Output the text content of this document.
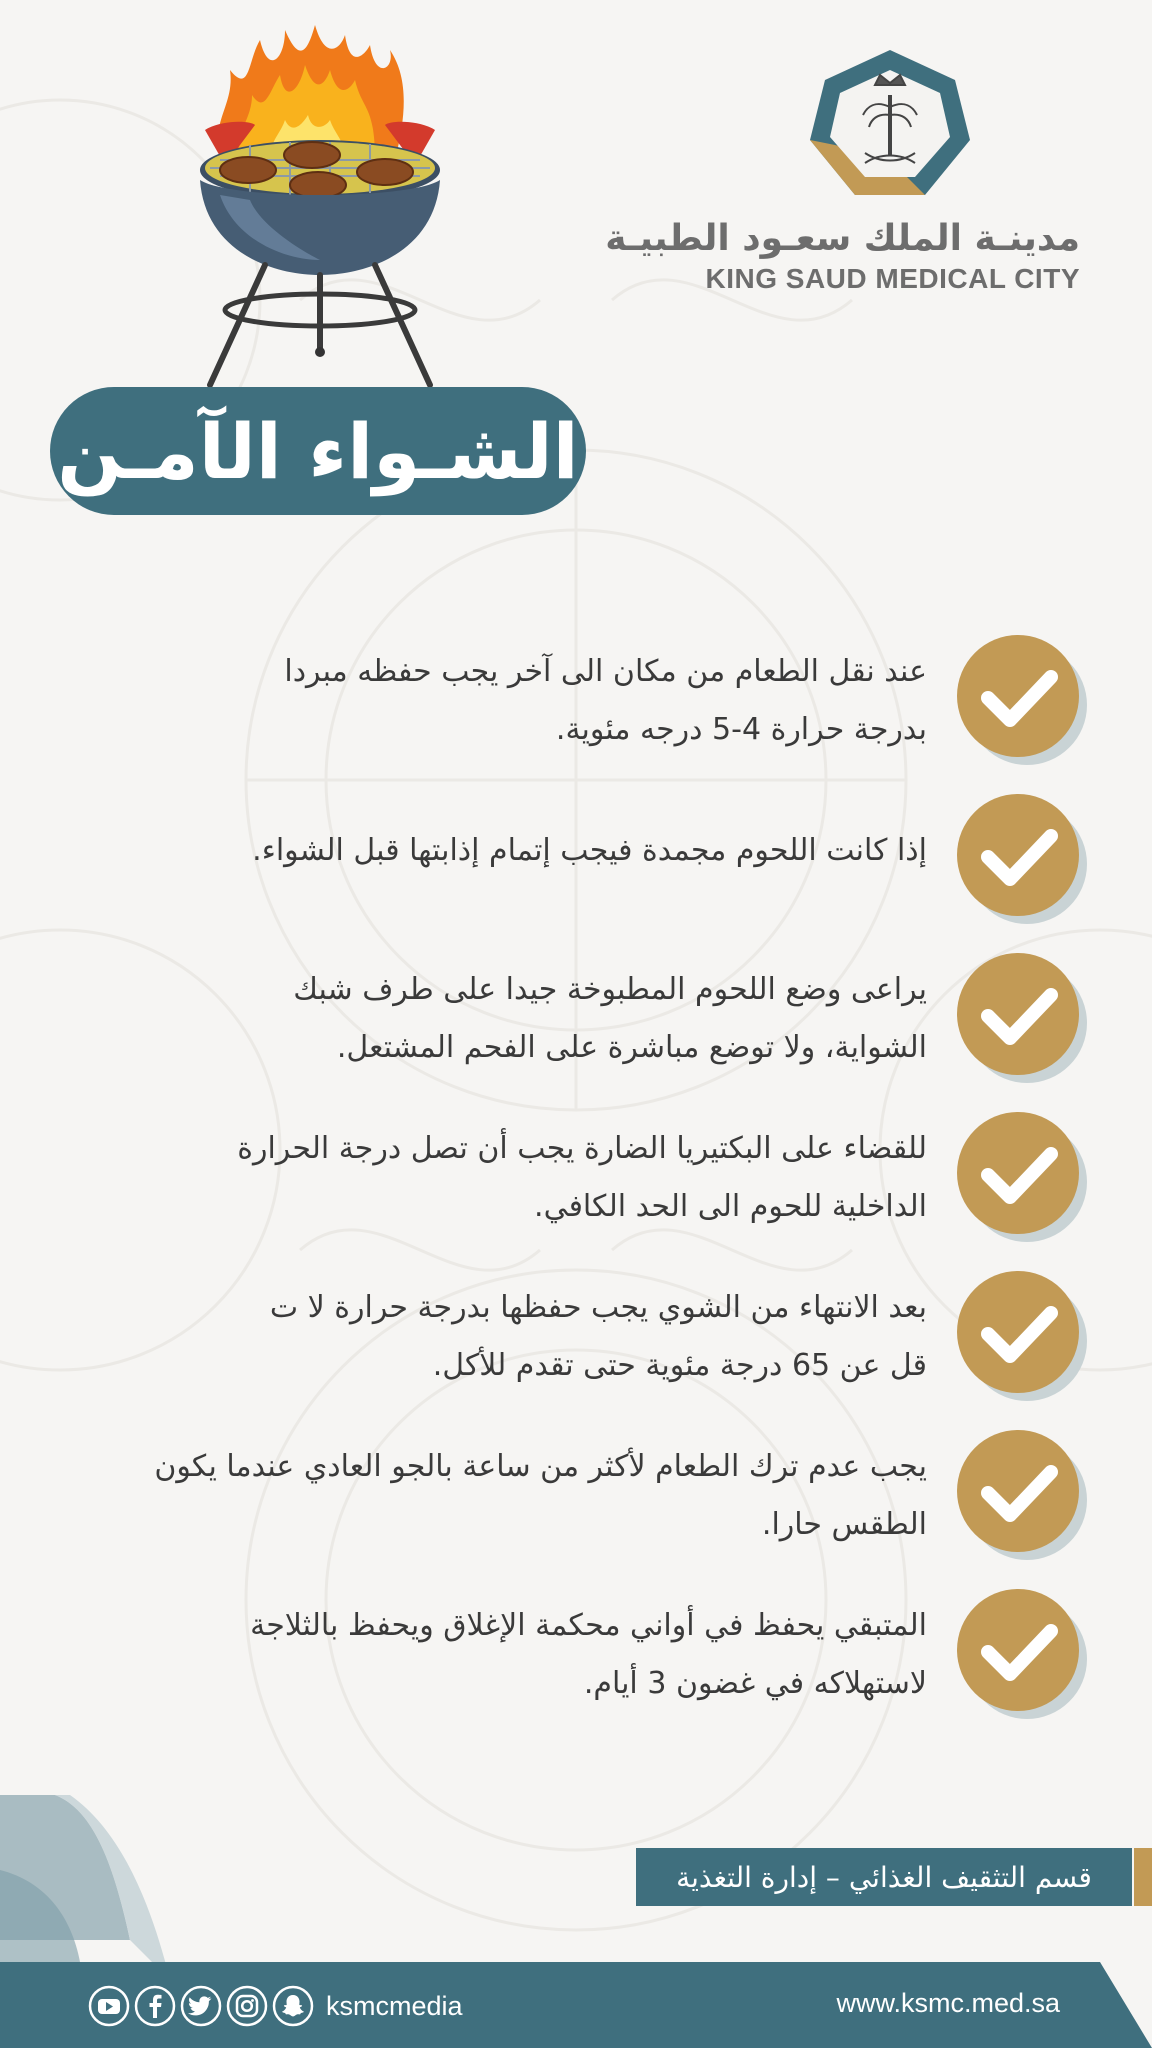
مدينـة الملك سعـود الطبيـة
KING SAUD MEDICAL CITY
الشـواء الآمـن

عند نقل الطعام من مكان الى آخر يجب حفظه مبردا

بدرجة حرارة 4-5 درجه مئوية.

إذا كانت اللحوم مجمدة فيجب إتمام إذابتها قبل الشواء.

يراعى وضع اللحوم المطبوخة جيدا على طرف شبك

الشواية، ولا توضع مباشرة على الفحم المشتعل.

للقضاء على البكتيريا الضارة يجب أن تصل درجة الحرارة

الداخلية للحوم الى الحد الكافي.

بعد الانتهاء من الشوي يجب حفظها بدرجة حرارة لا ت

قل عن 65 درجة مئوية حتى تقدم للأكل.

يجب عدم ترك الطعام لأكثر من ساعة بالجو العادي عندما يكون

الطقس حارا.

المتبقي يحفظ في أواني محكمة الإغلاق ويحفظ بالثلاجة

لاستهلاكه في غضون 3 أيام.

قسم التثقيف الغذائي – إدارة التغذية
ksmcmedia	www.ksmc.med.sa
